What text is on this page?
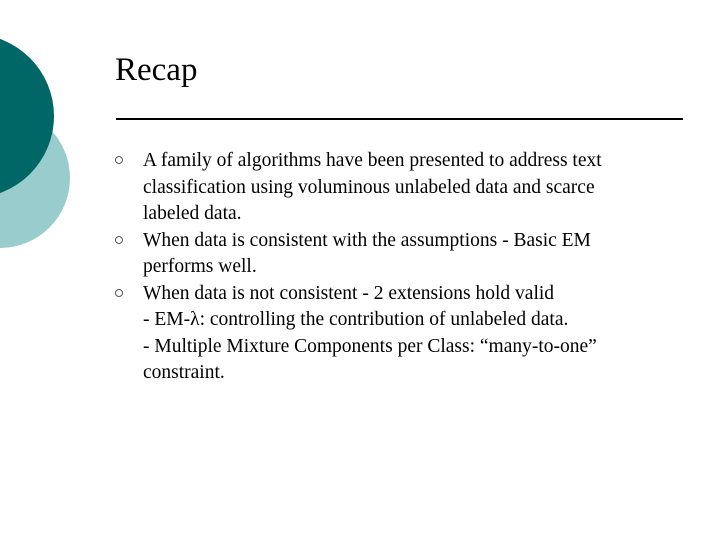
Recap
A family of algorithms have been presented to address text
classification using voluminous unlabeled data and scarce
labeled data.
When data is consistent with the assumptions - Basic EM
performs well.
When data is not consistent - 2 extensions hold valid
- EM-λ: controlling the contribution of unlabeled data.
- Multiple Mixture Components per Class: “many-to-one”
constraint.
